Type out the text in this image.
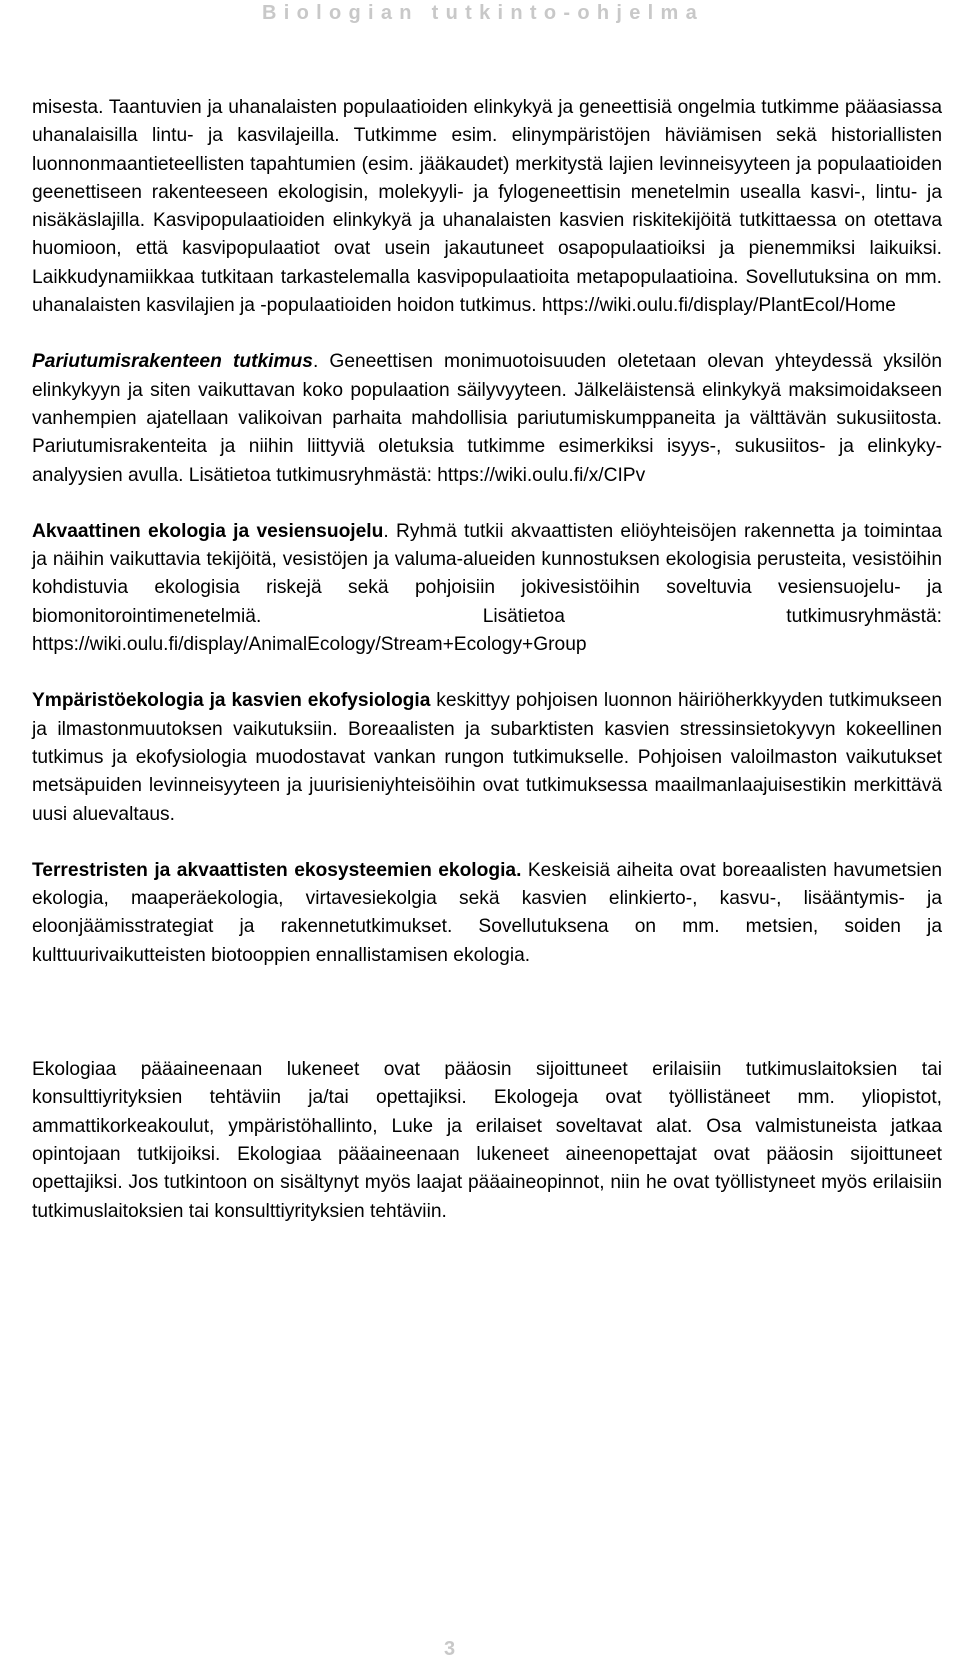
Biologian tutkinto-ohjelma

misesta. Taantuvien ja uhanalaisten populaatioiden elinkykyä ja geneettisiä ongelmia tutkimme pääasiassa uhanalaisilla lintu- ja kasvilajeilla. Tutkimme esim. elinympäristöjen häviämisen sekä historiallisten luonnonmaantieteellisten tapahtumien (esim. jääkaudet) merkitystä lajien levinneisyyteen ja populaatioiden geenettiseen rakenteeseen ekologisin, molekyyli- ja fylogeneettisin menetelmin usealla kasvi-, lintu- ja nisäkäslajilla. Kasvipopulaatioiden elinkykyä ja uhanalaisten kasvien riskitekijöitä tutkittaessa on otettava huomioon, että kasvipopulaatiot ovat usein jakautuneet osapopulaatioiksi ja pienemmiksi laikuiksi. Laikkudynamiikkaa tutkitaan tarkastelemalla kasvipopulaatioita metapopulaatioina. Sovellutuksina on mm. uhanalaisten kasvilajien ja -populaatioiden hoidon tutkimus. https://wiki.oulu.fi/display/PlantEcol/Home

Pariutumisrakenteen tutkimus. Geneettisen monimuotoisuuden oletetaan olevan yhteydessä yksilön elinkykyyn ja siten vaikuttavan koko populaation säilyvyyteen. Jälkeläistensä elinkykyä maksimoidakseen vanhempien ajatellaan valikoivan parhaita mahdollisia pariutumiskumppaneita ja välttävän sukusiitosta. Pariutumisrakenteita ja niihin liittyviä oletuksia tutkimme esimerkiksi isyys-, sukusiitos- ja elinkykyanalyysien avulla. Lisätietoa tutkimusryhmästä: https://wiki.oulu.fi/x/CIPv

Akvaattinen ekologia ja vesiensuojelu. Ryhmä tutkii akvaattisten eliöyhteisöjen rakennetta ja toimintaa ja näihin vaikuttavia tekijöitä, vesistöjen ja valuma-alueiden kunnostuksen ekologisia perusteita, vesistöihin kohdistuvia ekologisia riskejä sekä pohjoisiin jokivesistöihin soveltuvia vesiensuojelu- ja biomonitorointimenetelmiä. Lisätietoa tutkimusryhmästä: https://wiki.oulu.fi/display/AnimalEcology/Stream+Ecology+Group

Ympäristöekologia ja kasvien ekofysiologia keskittyy pohjoisen luonnon häiriöherkkyyden tutkimukseen ja ilmastonmuutoksen vaikutuksiin. Boreaalisten ja subarktisten kasvien stressinsietokyvyn kokeellinen tutkimus ja ekofysiologia muodostavat vankan rungon tutkimukselle. Pohjoisen valoilmaston vaikutukset metsäpuiden levinneisyyteen ja juurisieniyhteisöihin ovat tutkimuksessa maailmanlaajuisestikin merkittävä uusi aluevaltaus.

Terrestristen ja akvaattisten ekosysteemien ekologia. Keskeisiä aiheita ovat boreaalisten havumetsien ekologia, maaperäekologia, virtavesiekolgia sekä kasvien elinkierto-, kasvu-, lisääntymis- ja eloonjäämisstrategiat ja rakennetutkimukset. Sovellutuksena on mm. metsien, soiden ja kulttuurivaikutteisten biotooppien ennallistamisen ekologia.

Ekologiaa pääaineenaan lukeneet ovat pääosin sijoittuneet erilaisiin tutkimuslaitoksien tai konsulttiyrityksien tehtäviin ja/tai opettajiksi. Ekologeja ovat työllistäneet mm. yliopistot, ammattikorkeakoulut, ympäristöhallinto, Luke ja erilaiset soveltavat alat. Osa valmistuneista jatkaa opintojaan tutkijoiksi. Ekologiaa pääaineenaan lukeneet aineenopettajat ovat pääosin sijoittuneet opettajiksi. Jos tutkintoon on sisältynyt myös laajat pääaineopinnot, niin he ovat työllistyneet myös erilaisiin tutkimuslaitoksien tai konsulttiyrityksien tehtäviin.

3
